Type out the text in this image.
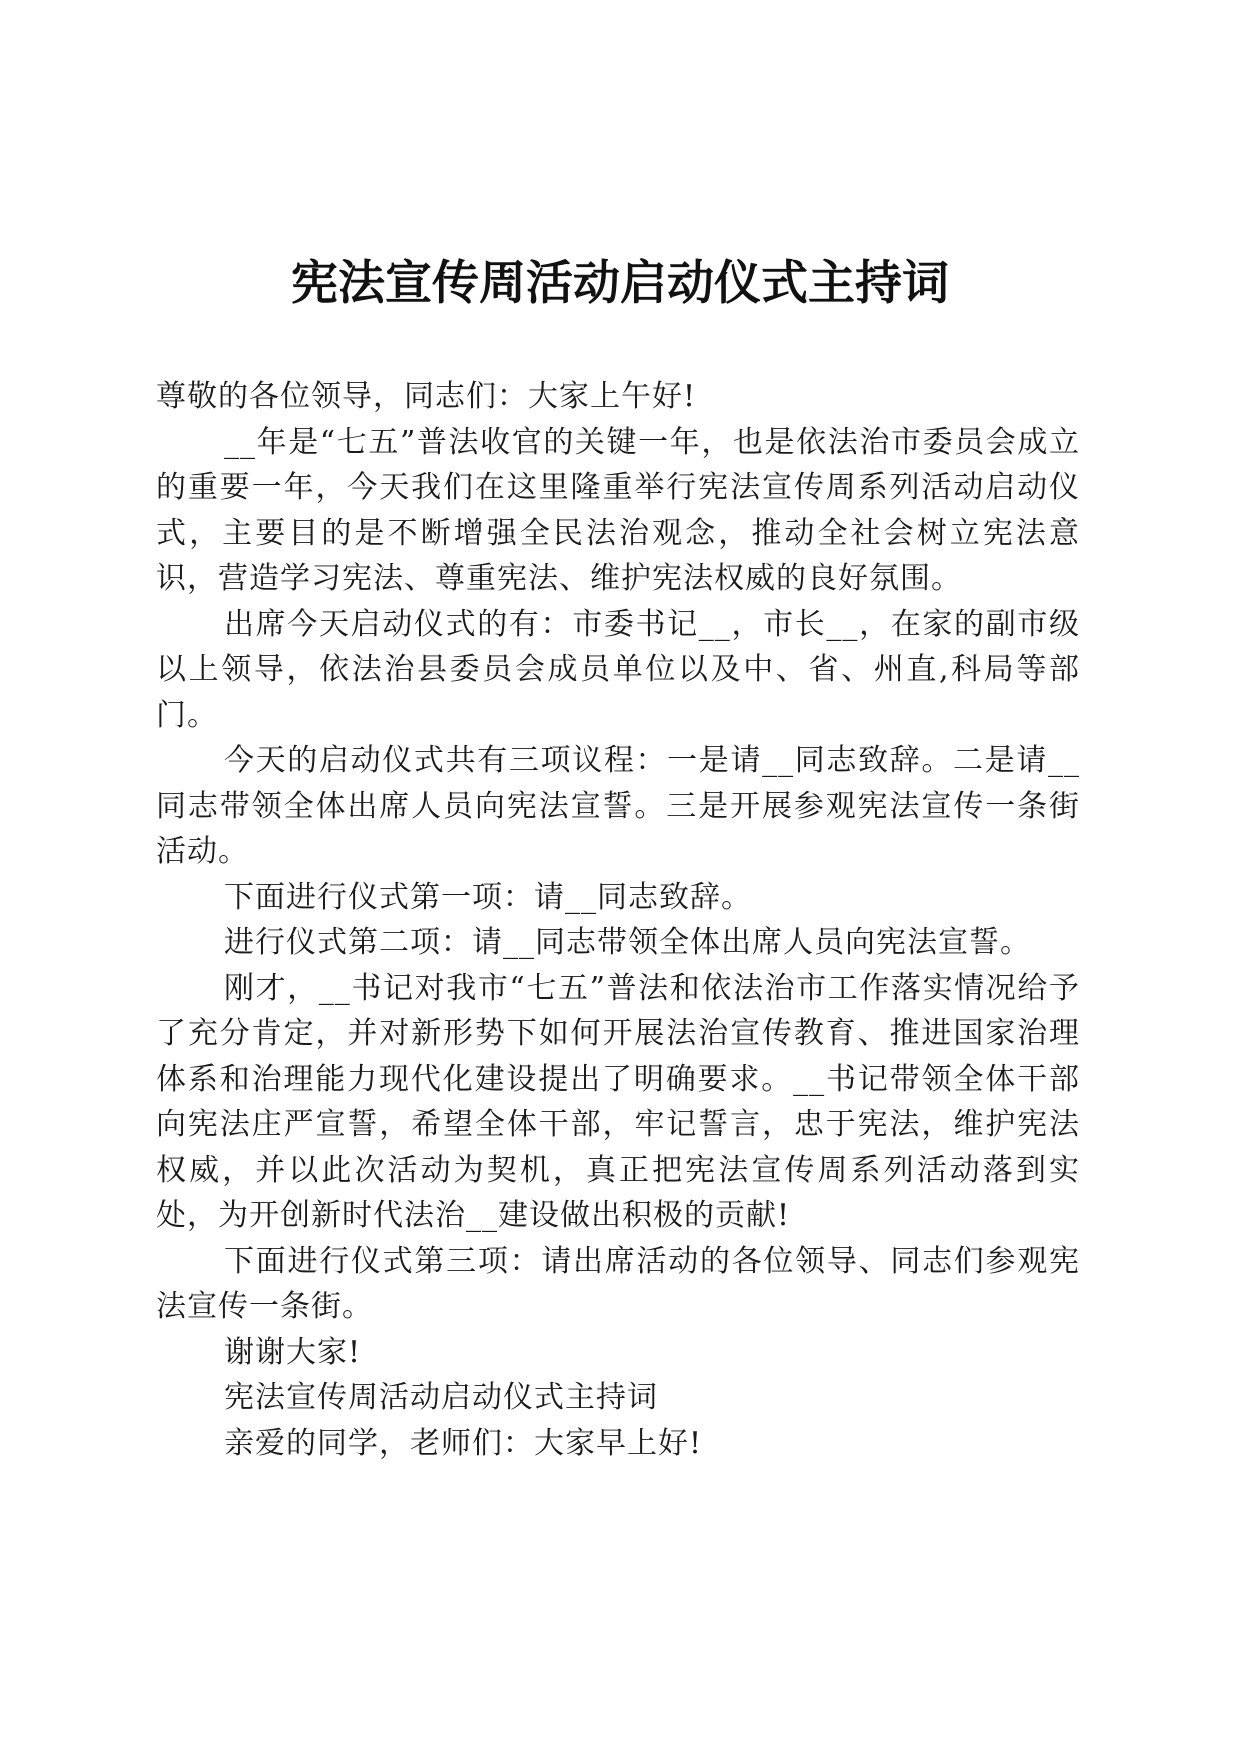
宪法宣传周活动启动仪式主持词

尊敬的各位领导，同志们：大家上午好!

__年是“七五”普法收官的关键一年，也是依法治市委员会成立的重要一年，今天我们在这里隆重举行宪法宣传周系列活动启动仪式，主要目的是不断增强全民法治观念，推动全社会树立宪法意识，营造学习宪法、尊重宪法、维护宪法权威的良好氛围。

出席今天启动仪式的有：市委书记__，市长__，在家的副市级以上领导，依法治县委员会成员单位以及中、省、州直,科局等部门。

今天的启动仪式共有三项议程：一是请__同志致辞。二是请__同志带领全体出席人员向宪法宣誓。三是开展参观宪法宣传一条街活动。

下面进行仪式第一项：请__同志致辞。

进行仪式第二项：请__同志带领全体出席人员向宪法宣誓。

刚才，__书记对我市“七五”普法和依法治市工作落实情况给予了充分肯定，并对新形势下如何开展法治宣传教育、推进国家治理体系和治理能力现代化建设提出了明确要求。__书记带领全体干部向宪法庄严宣誓，希望全体干部，牢记誓言，忠于宪法，维护宪法权威，并以此次活动为契机，真正把宪法宣传周系列活动落到实处，为开创新时代法治__建设做出积极的贡献!

下面进行仪式第三项：请出席活动的各位领导、同志们参观宪法宣传一条街。

谢谢大家!

宪法宣传周活动启动仪式主持词

亲爱的同学，老师们：大家早上好!
